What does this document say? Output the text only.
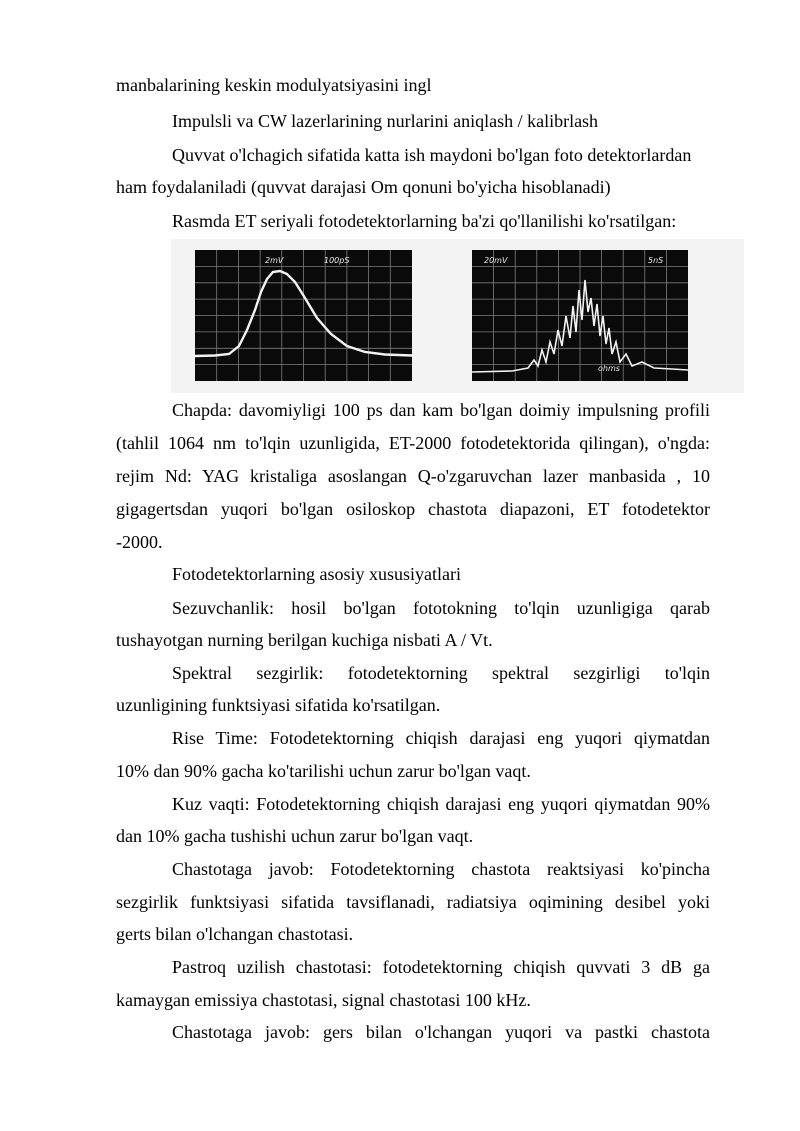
manbalarining keskin modulyatsiyasini ingl
Impulsli va CW lazerlarining nurlarini aniqlash / kalibrlash
Quvvat o'lchagich sifatida katta ish maydoni bo'lgan foto detektorlardan
ham foydalaniladi (quvvat darajasi Om qonuni bo'yicha hisoblanadi)
Rasmda ET seriyali fotodetektorlarning ba'zi qo'llanilishi ko'rsatilgan:
2mV	100pS	20mV	5nS
ohms
Chapda: davomiyligi 100 ps dan kam bo'lgan doimiy impulsning profili
(tahlil 1064 nm to'lqin uzunligida, ET-2000 fotodetektorida qilingan), o'ngda:
rejim Nd: YAG kristaliga asoslangan Q-o'zgaruvchan lazer manbasida , 10
gigagertsdan yuqori bo'lgan osiloskop chastota diapazoni, ET fotodetektor
-2000.
Fotodetektorlarning asosiy xususiyatlari
Sezuvchanlik: hosil bo'lgan fototokning to'lqin uzunligiga qarab
tushayotgan nurning berilgan kuchiga nisbati A / Vt.
Spektral sezgirlik: fotodetektorning spektral sezgirligi to'lqin
uzunligining funktsiyasi sifatida ko'rsatilgan.
Rise Time: Fotodetektorning chiqish darajasi eng yuqori qiymatdan
10% dan 90% gacha ko'tarilishi uchun zarur bo'lgan vaqt.
Kuz vaqti: Fotodetektorning chiqish darajasi eng yuqori qiymatdan 90%
dan 10% gacha tushishi uchun zarur bo'lgan vaqt.
Chastotaga javob: Fotodetektorning chastota reaktsiyasi ko'pincha
sezgirlik funktsiyasi sifatida tavsiflanadi, radiatsiya oqimining desibel yoki
gerts bilan o'lchangan chastotasi.
Pastroq uzilish chastotasi: fotodetektorning chiqish quvvati 3 dB ga
kamaygan emissiya chastotasi, signal chastotasi 100 kHz.
Chastotaga javob: gers bilan o'lchangan yuqori va pastki chastota
